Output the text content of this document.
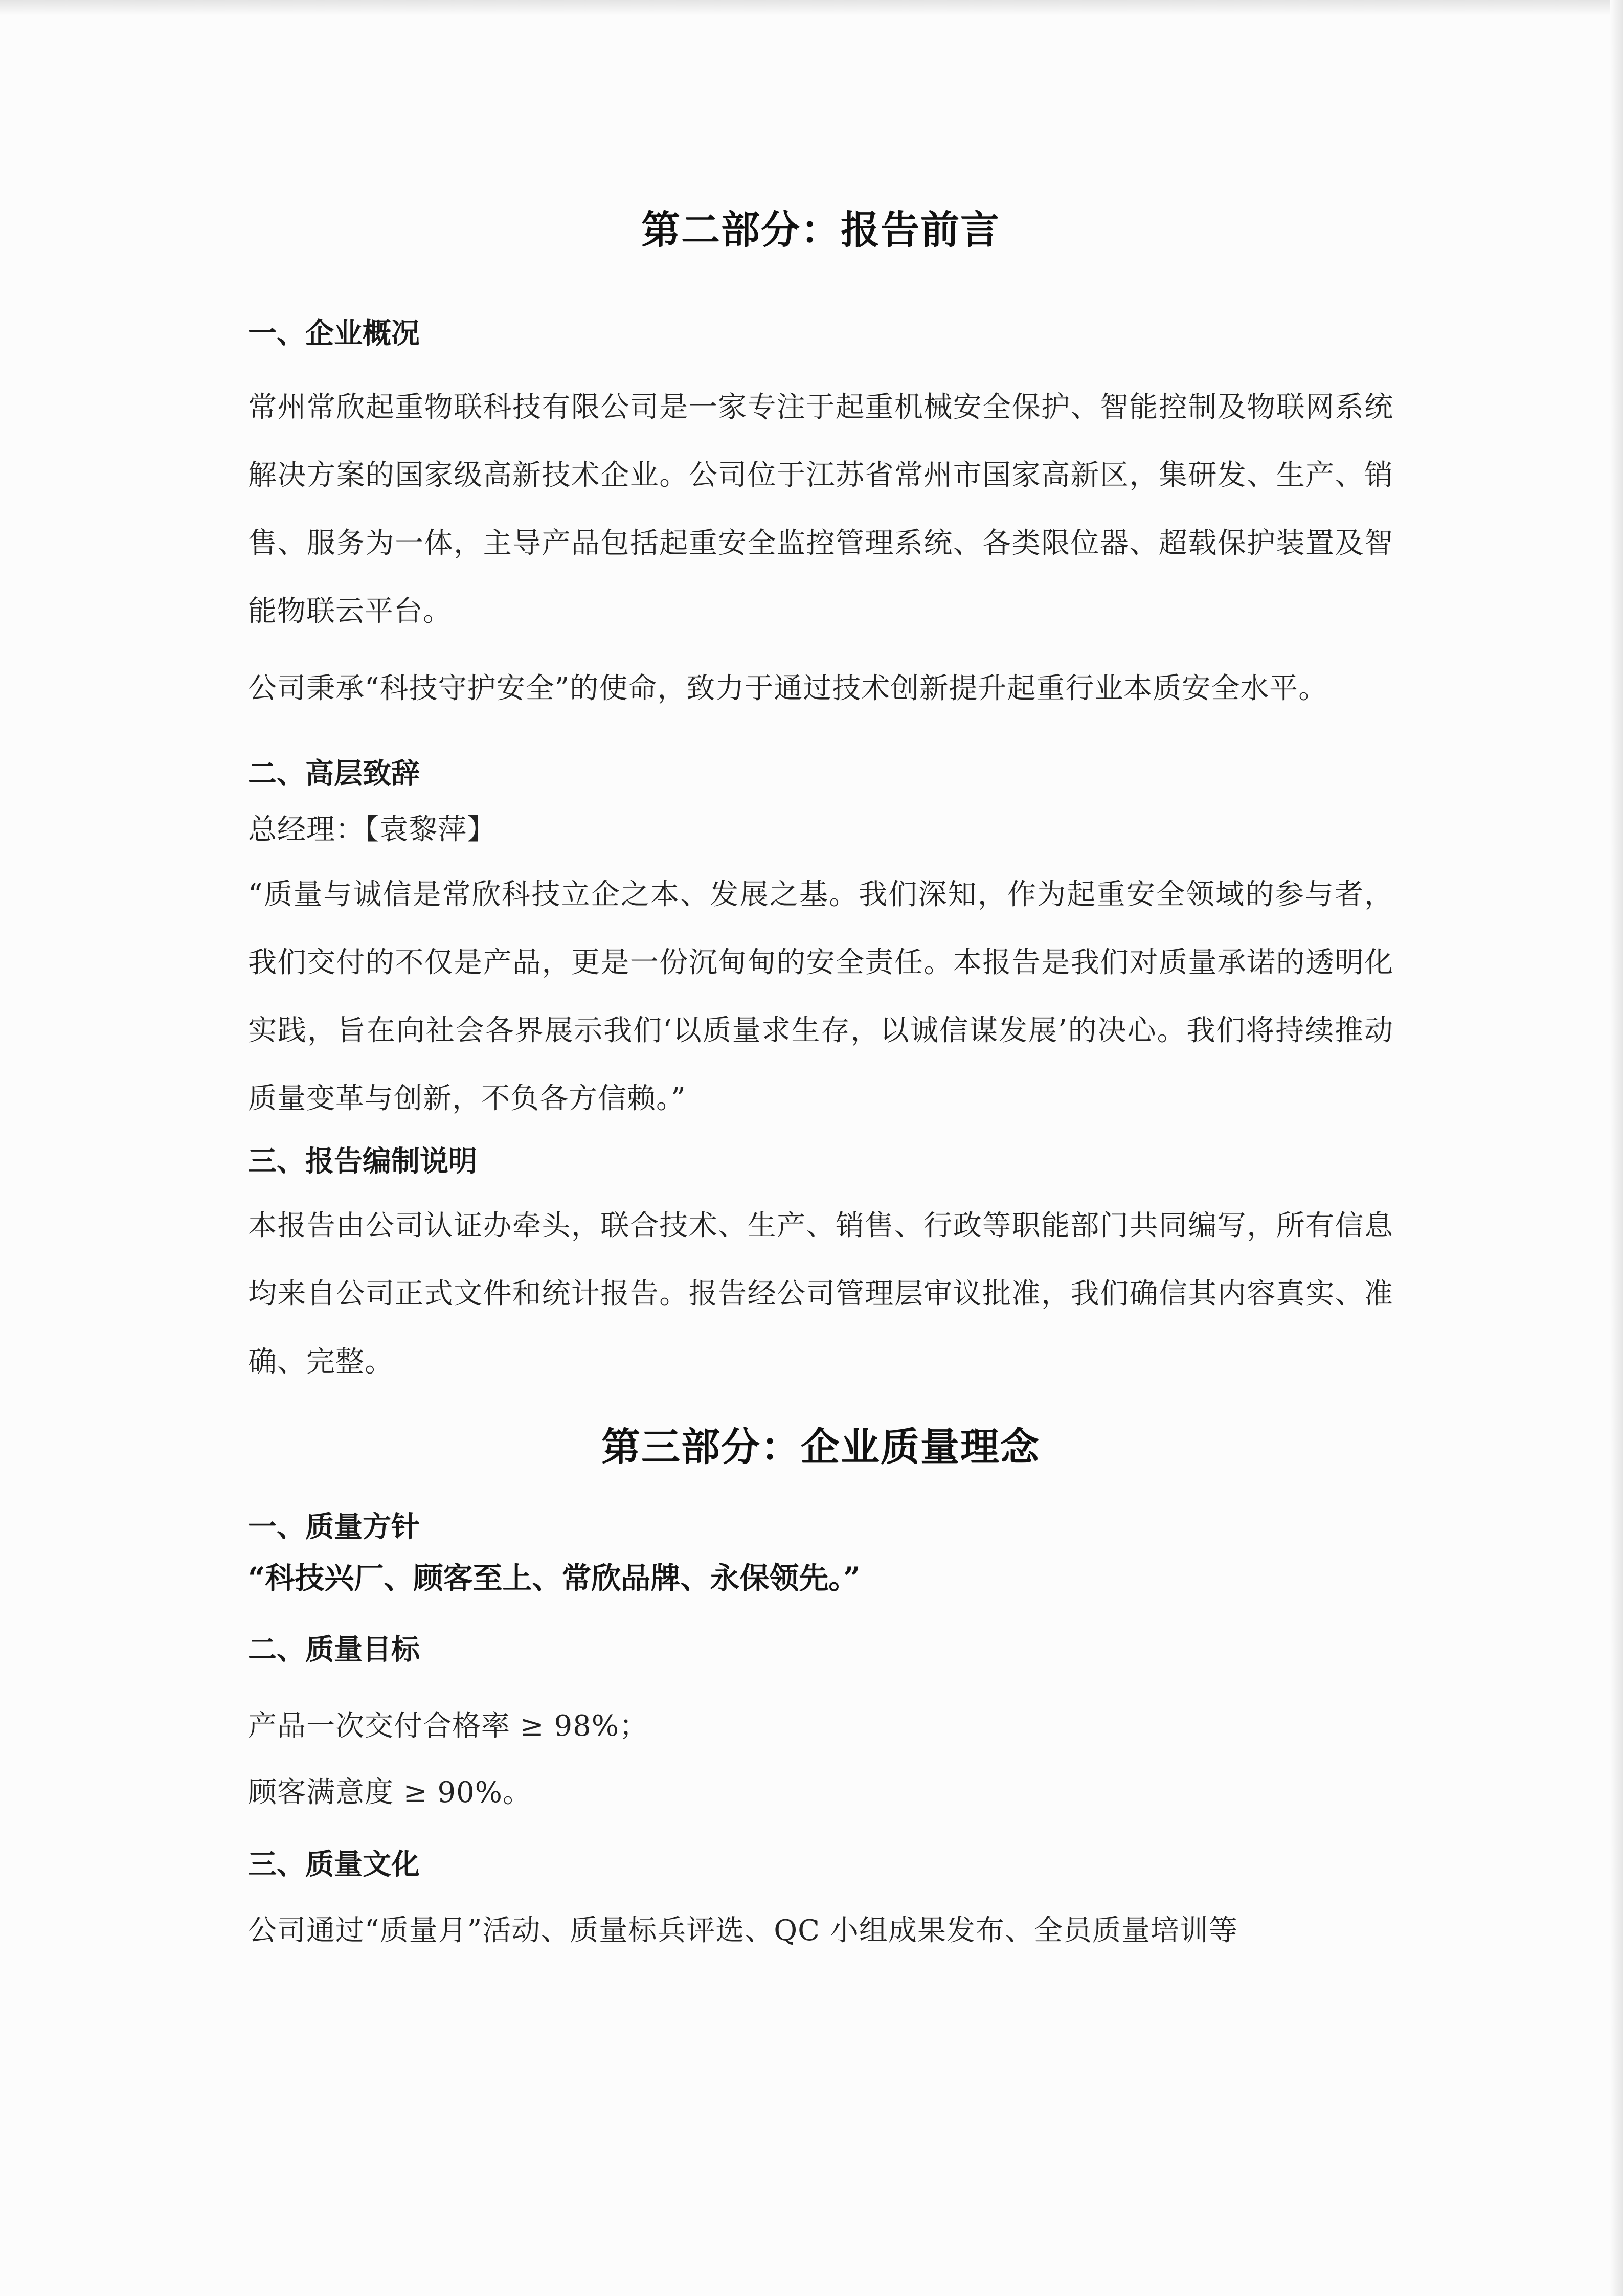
第二部分：报告前言
一、企业概况

常州常欣起重物联科技有限公司是一家专注于起重机械安全保护、智能控制及物联网系统解决方案的国家级高新技术企业。公司位于江苏省常州市国家高新区，集研发、生产、销售、服务为一体，主导产品包括起重安全监控管理系统、各类限位器、超载保护装置及智能物联云平台。

公司秉承“科技守护安全”的使命，致力于通过技术创新提升起重行业本质安全水平。

二、高层致辞

总经理：【袁黎萍】

“质量与诚信是常欣科技立企之本、发展之基。我们深知，作为起重安全领域的参与者，我们交付的不仅是产品，更是一份沉甸甸的安全责任。本报告是我们对质量承诺的透明化实践，旨在向社会各界展示我们‘以质量求生存，以诚信谋发展’的决心。我们将持续推动质量变革与创新，不负各方信赖。”

三、报告编制说明

本报告由公司认证办牵头，联合技术、生产、销售、行政等职能部门共同编写，所有信息均来自公司正式文件和统计报告。报告经公司管理层审议批准，我们确信其内容真实、准确、完整。

第三部分：企业质量理念
一、质量方针

“科技兴厂、顾客至上、常欣品牌、永保领先。”

二、质量目标

产品一次交付合格率 ≥ 98%；

顾客满意度 ≥ 90%。

三、质量文化

公司通过“质量月”活动、质量标兵评选、QC 小组成果发布、全员质量培训等
